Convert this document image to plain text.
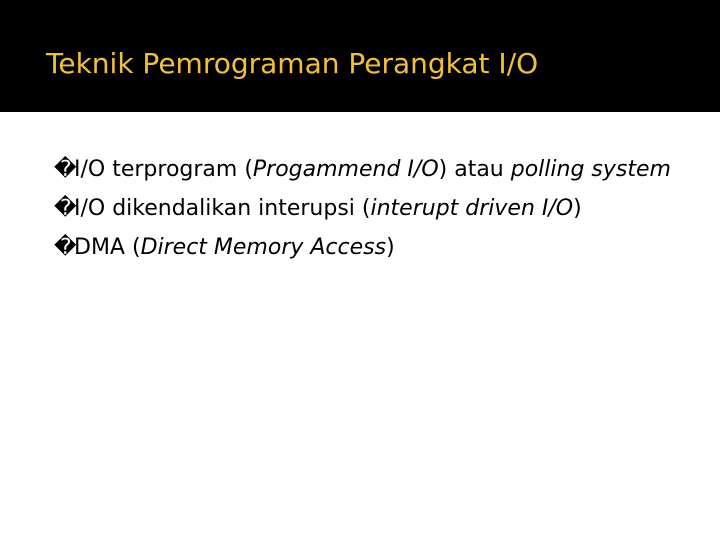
Teknik Pemrograman Perangkat I/O
�
I/O terprogram (Progammend I/O) atau polling system
�
I/O dikendalikan interupsi (interupt driven I/O)
�
DMA (Direct Memory Access)
